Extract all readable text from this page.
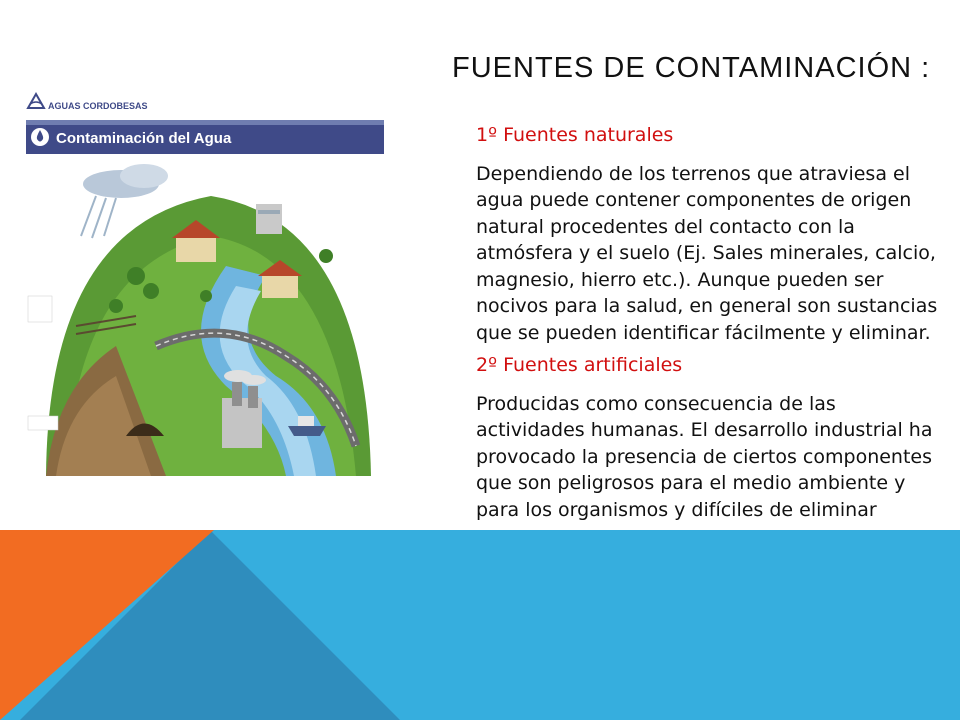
AGUAS CORDOBESAS
Contaminación del Agua
FUENTES DE CONTAMINACIÓN :

1º Fuentes naturales

Dependiendo de los terrenos que atraviesa el agua puede contener componentes de origen natural procedentes del contacto con la atmósfera y el suelo (Ej. Sales minerales, calcio, magnesio, hierro etc.). Aunque pueden ser nocivos para la salud, en general son sustancias que se pueden identificar fácilmente y eliminar.

2º Fuentes artificiales

Producidas como consecuencia de las actividades humanas. El desarrollo industrial ha provocado la presencia de ciertos componentes que son peligrosos para el medio ambiente y para los organismos y difíciles de eliminar
